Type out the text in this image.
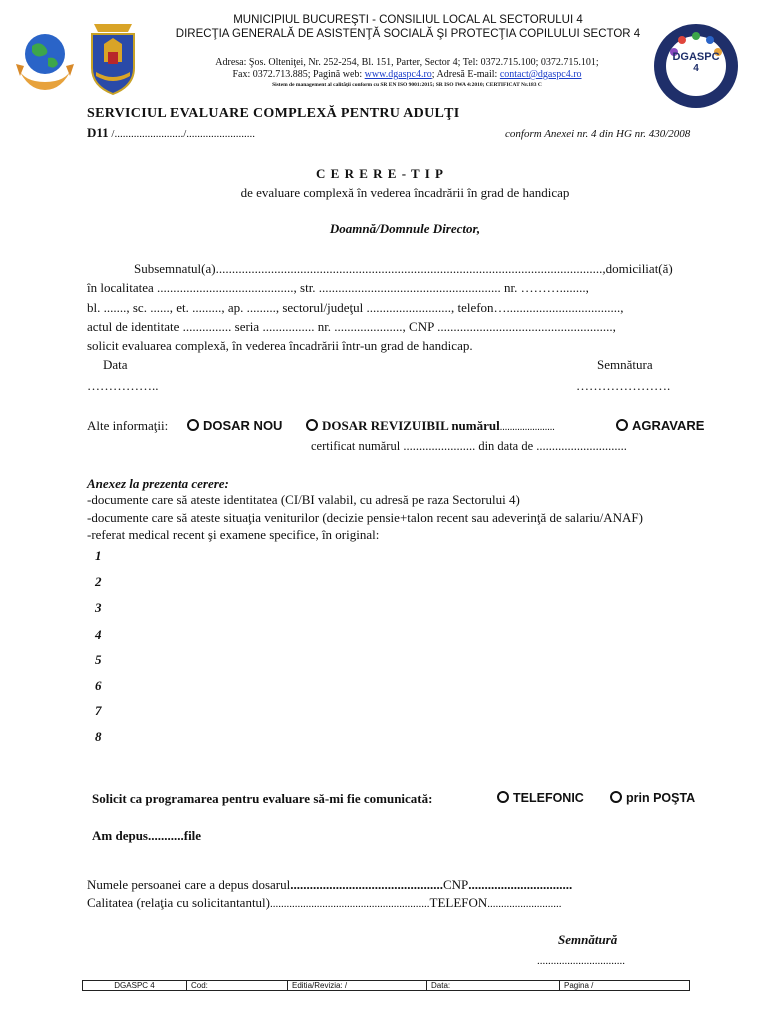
DGASPC
4
MUNICIPIUL BUCUREŞTI - CONSILIUL LOCAL AL SECTORULUI 4
DIRECŢIA GENERALĂ DE ASISTENŢĂ SOCIALĂ ŞI PROTECŢIA COPILULUI SECTOR 4
Adresa: Şos. Olteniţei, Nr. 252-254, Bl. 151, Parter, Sector 4; Tel: 0372.715.100; 0372.715.101;
Fax: 0372.713.885; Pagină web: www.dgaspc4.ro; Adresă E-mail: contact@dgaspc4.ro
Sistem de management al calităţii conform cu SR EN ISO 9001:2015; SR ISO IWA 4:2010; CERTIFICAT Nr.183 C
SERVICIUL EVALUARE COMPLEXĂ PENTRU ADULŢI
D11 /........................./.........................	conform Anexei nr. 4 din HG nr. 430/2008
C E R E R E - T I P
de evaluare complexă în vederea încadrării în grad de handicap
Doamnă/Domnule Director,
Subsemnatul(a).......................................................................................................................,domiciliat(ă)
în localitatea .........................................., str. ........................................................ nr. ………........,
bl. ......., sc. ......, et. ........., ap. ........., sectorul/judeţul .........................., telefon…...................................,
actul de identitate ............... seria ................ nr. ....................., CNP ......................................................,
solicit evaluarea complexă, în vederea încadrării într-un grad de handicap.
Data	Semnătura
……………..	………………….
Alte informaţii:	DOSAR NOU	DOSAR REVIZUIBIL numărul......................	AGRAVARE
certificat numărul ....................... din data de .............................
Anexez la prezenta cerere:
-documente care să ateste identitatea (CI/BI valabil, cu adresă pe raza Sectorului 4)
-documente care să ateste situaţia veniturilor (decizie pensie+talon recent sau adeverinţă de salariu/ANAF)
-referat medical recent şi examene specifice, în original:
1
2
3
4
5
6
7
8
Solicit ca programarea pentru evaluare să-mi fie comunicată:	TELEFONIC	prin POŞTA
Am depus...........file
Numele persoanei care a depus dosarul...............................................CNP................................
Calitatea (relaţia cu solicitantantul)..........................................................TELEFON...........................
Semnătură
................................
DGASPC 4	Cod:	Editia/Revizia: /	Data:	Pagina /
